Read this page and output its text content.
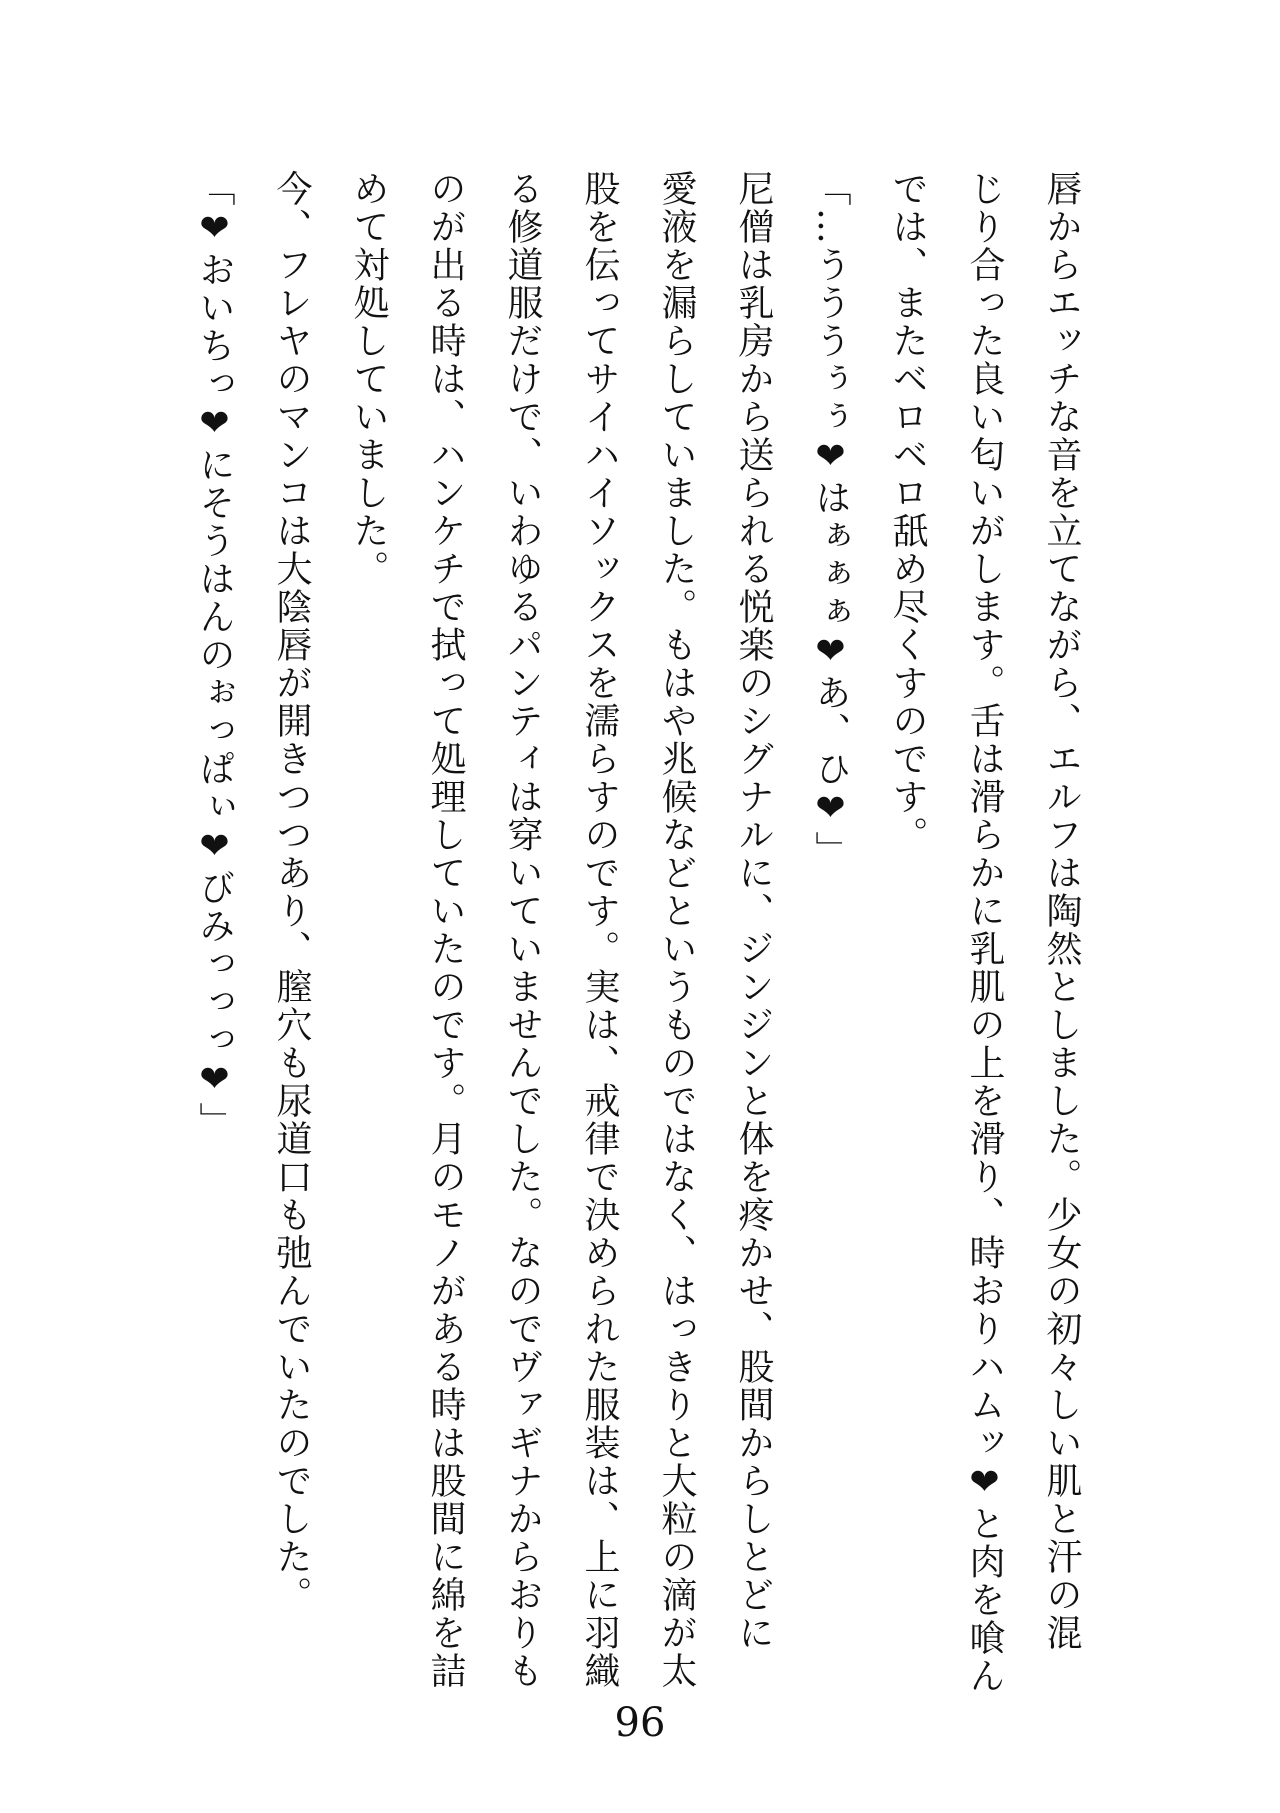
唇からエッチな音を立てながら、エルフは陶然としました。少女の初々しい肌と汗の混
じり合った良い匂いがします。舌は滑らかに乳肌の上を滑り、時おりハムッ❤と肉を喰ん
では、またベロベロ舐め尽くすのです。
「…うううぅぅ❤はぁぁぁ❤あ、ひ❤」
尼僧は乳房から送られる悦楽のシグナルに、ジンジンと体を疼かせ、股間からしとどに
愛液を漏らしていました。もはや兆候などというものではなく、はっきりと大粒の滴が太
股を伝ってサイハイソックスを濡らすのです。実は、戒律で決められた服装は、上に羽織
る修道服だけで、いわゆるパンティは穿いていませんでした。なのでヴァギナからおりも
のが出る時は、ハンケチで拭って処理していたのです。月のモノがある時は股間に綿を詰
めて対処していました。
今、フレヤのマンコは大陰唇が開きつつあり、膣穴も尿道口も弛んでいたのでした。
「❤おいちっ❤にそうはんのぉっぱぃ❤びみっっっ❤」
96
